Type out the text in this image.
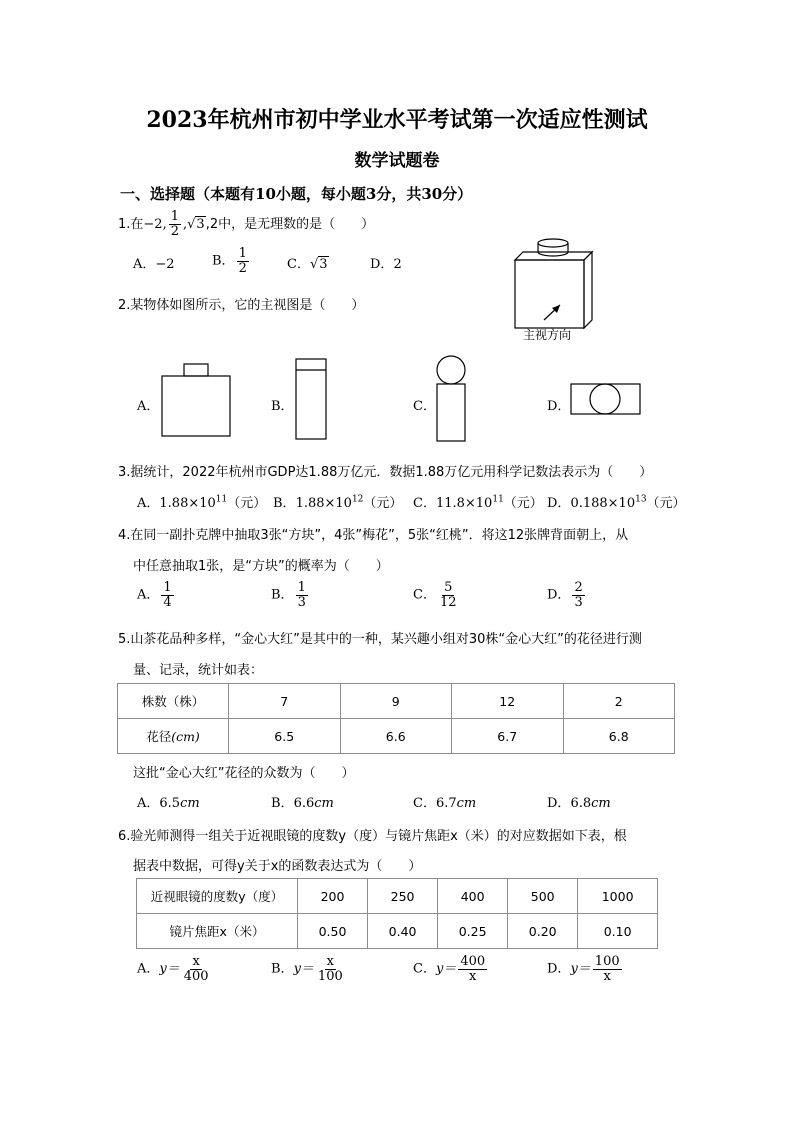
2023年杭州市初中学业水平考试第一次适应性测试
数学试题卷
一、选择题（本题有10小题，每小题3分，共30分）
1.在−2, $\frac{1}{2} ,√3,2$中，是无理数的是（　　）
A．−2	B． $\frac{1}{2}$	C．√3	D．2
2.某物体如图所示，它的主视图是（　　）
主视方向
A．	B．	C．	D．
3.据统计，2022年杭州市GDP达1.88万亿元．数据1.88万亿元用科学记数法表示为（　　）
A．$1.88\times 10^{11}$（元） B．$1.88\times 10^{12}$（元） C．$11.8\times 10^{11}$（元） D．$0.188\times 10^{13}$（元）
4.在同一副扑克牌中抽取3张“方块”，4张”梅花”，5张“红桃”．将这12张牌背面朝上，从
中任意抽取1张，是“方块”的概率为（　　）
A． $\frac{1}{4}$	B． $\frac{1}{3}$	C． $\frac{5}{12}$	D． $\frac{2}{3}$
5.山茶花品种多样，“金心大红”是其中的一种，某兴趣小组对30株“金心大红”的花径进行测
量、记录，统计如表：
株数（株）	7	9	12	2
花径(cm)	6.5	6.6	6.7	6.8
这批“金心大红”花径的众数为（　　）
A．6.5cm	B．6.6cm	C．6.7cm	D．6.8cm
6.验光师测得一组关于近视眼镜的度数y（度）与镜片焦距x（米）的对应数据如下表，根
据表中数据，可得y关于x的函数表达式为（　　）
近视眼镜的度数y（度）	200	250	400	500	1000
镜片焦距x（米）	0.50	0.40	0.25	0.20	0.10
A．$y= \frac{x}{400}$	B．$y= \frac{x}{100}$	C．$y= \frac{400}{x}$	D．$y= \frac{100}{x}$
